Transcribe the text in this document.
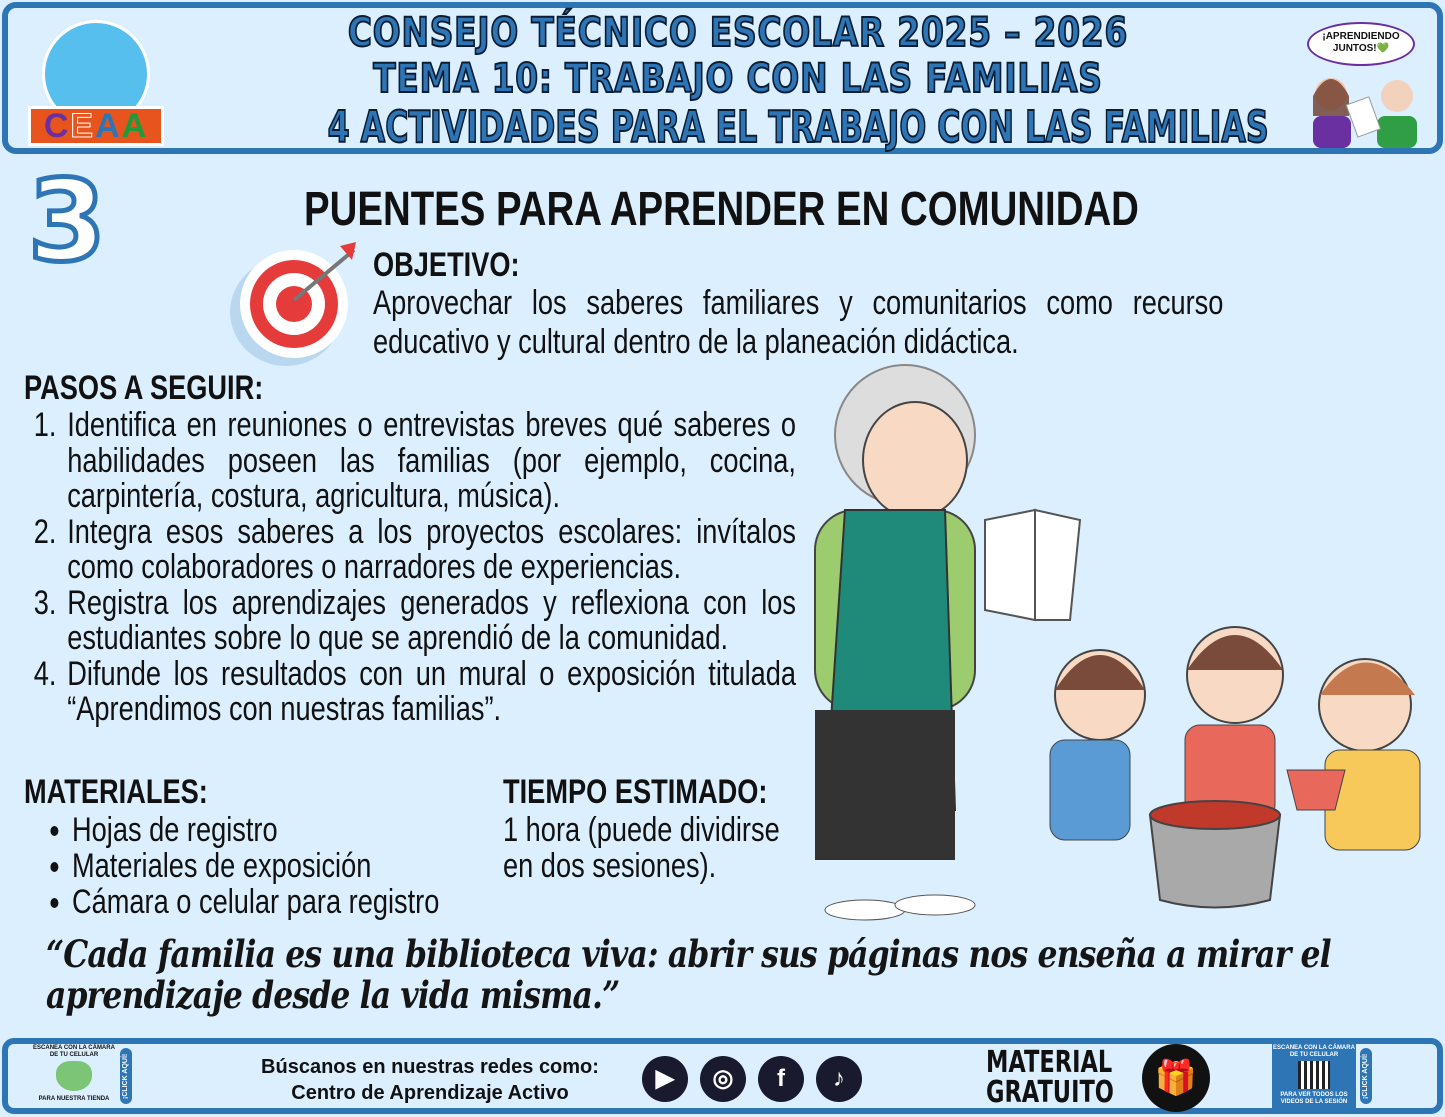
CEAA
CONSEJO TÉCNICO ESCOLAR 2025 – 2026
TEMA 10: TRABAJO CON LAS FAMILIAS
4 ACTIVIDADES PARA EL TRABAJO CON LAS FAMILIAS
¡APRENDIENDO JUNTOS!💚
3	PUENTES PARA APRENDER EN COMUNIDAD
OBJETIVO:

Aprovechar los saberes familiares y comunitarios como recurso educativo y cultural dentro de la planeación didáctica.

PASOS A SEGUIR:
1. Identifica en reuniones o entrevistas breves qué saberes o habilidades poseen las familias (por ejemplo, cocina, carpintería, costura, agricultura, música).
2. Integra esos saberes a los proyectos escolares: invítalos como colaboradores o narradores de experiencias.
3. Registra los aprendizajes generados y reflexiona con los estudiantes sobre lo que se aprendió de la comunidad.
4. Difunde los resultados con un mural o exposición titulada “Aprendimos con nuestras familias”.
MATERIALES:
• Hojas de registro
• Materiales de exposición
• Cámara o celular para registro
TIEMPO ESTIMADO:

1 hora (puede dividirse en dos sesiones).

“Cada familia es una biblioteca viva: abrir sus páginas nos enseña a mirar el aprendizaje desde la vida misma.”
ESCANEA CON LA CÁMARA DE TU CELULAR
PARA NUESTRA TIENDA
¡CLICK AQUÍ!	Búscanos en nuestras redes como:
Centro de Aprendizaje Activo
▶	◎	f	♪	MATERIAL
GRATUITO	🎁
ESCANEA CON LA CÁMARA DE TU CELULAR
PARA VER TODOS LOS VIDEOS DE LA SESIÓN
¡CLICK AQUÍ!
